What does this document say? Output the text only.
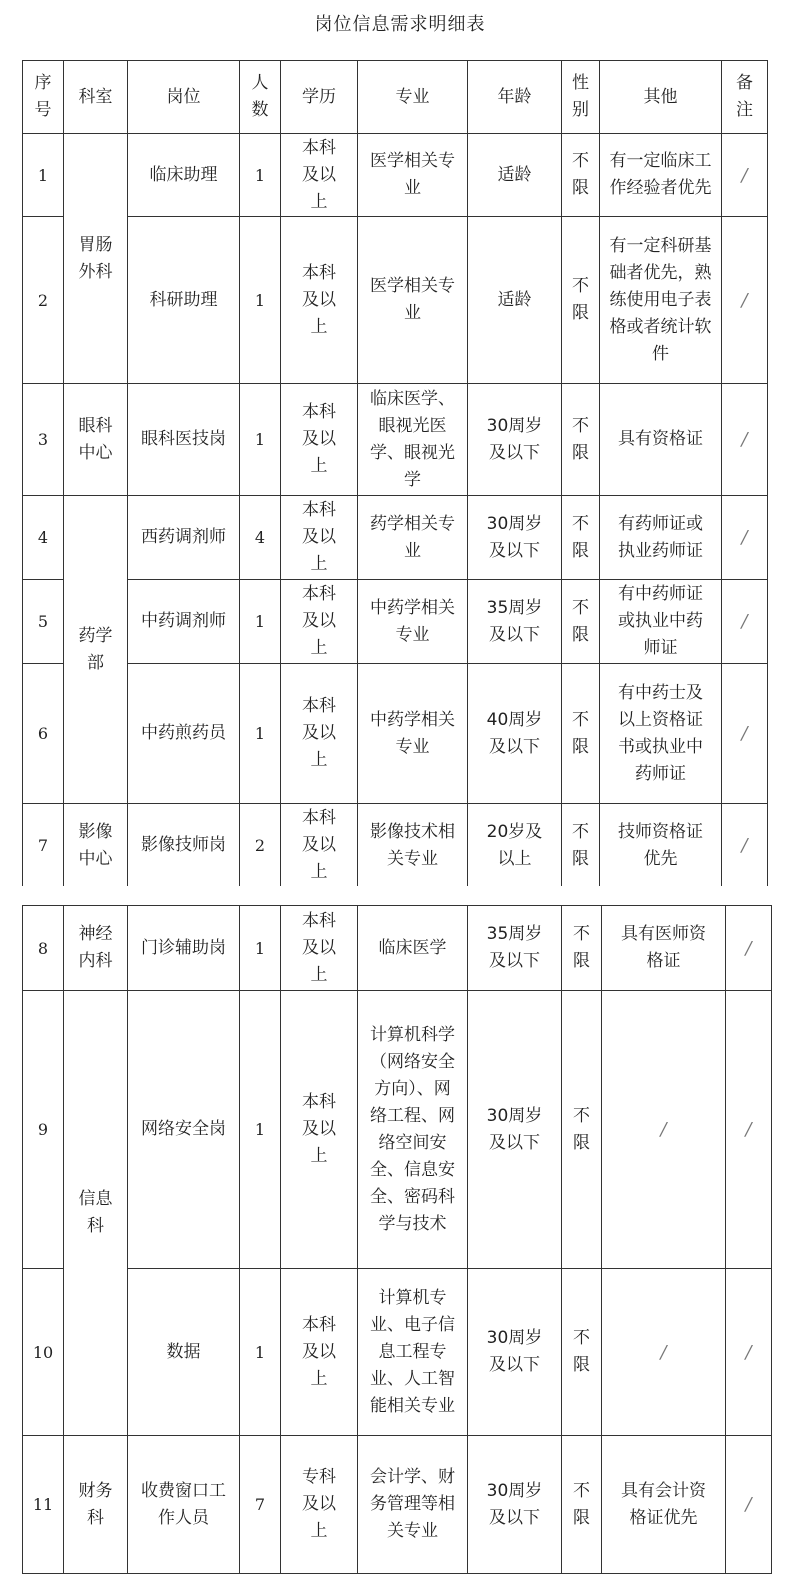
岗位信息需求明细表
序号	科室	岗位	人数	学历	专业	年龄	性别	其他	备注
1	胃肠外科	临床助理	1	本科及以上	医学相关专业	适龄	不限	有一定临床工作经验者优先	/
2		科研助理	1	本科及以上	医学相关专业	适龄	不限	有一定科研基础者优先，熟练使用电子表格或者统计软件	/
3	眼科中心	眼科医技岗	1	本科及以上	临床医学、眼视光医学、眼视光学	30周岁及以下	不限	具有资格证	/
4	药学部	西药调剂师	4	本科及以上	药学相关专业	30周岁及以下	不限	有药师证或执业药师证	/
5		中药调剂师	1	本科及以上	中药学相关专业	35周岁及以下	不限	有中药师证或执业中药师证	/
6		中药煎药员	1	本科及以上	中药学相关专业	40周岁及以下	不限	有中药士及以上资格证书或执业中药师证	/
7	影像中心	影像技师岗	2	本科及以上	影像技术相关专业	20岁及以上	不限	技师资格证优先	/
8	神经内科	门诊辅助岗	1	本科及以上	临床医学	35周岁及以下	不限	具有医师资格证	/
9	信息科	网络安全岗	1	本科及以上	计算机科学（网络安全方向）、网络工程、网络空间安全、信息安全、密码科学与技术	30周岁及以下	不限	/	/
10		数据	1	本科及以上	计算机专业、电子信息工程专业、人工智能相关专业	30周岁及以下	不限	/	/
11	财务科	收费窗口工作人员	7	专科及以上	会计学、财务管理等相关专业	30周岁及以下	不限	具有会计资格证优先	/
